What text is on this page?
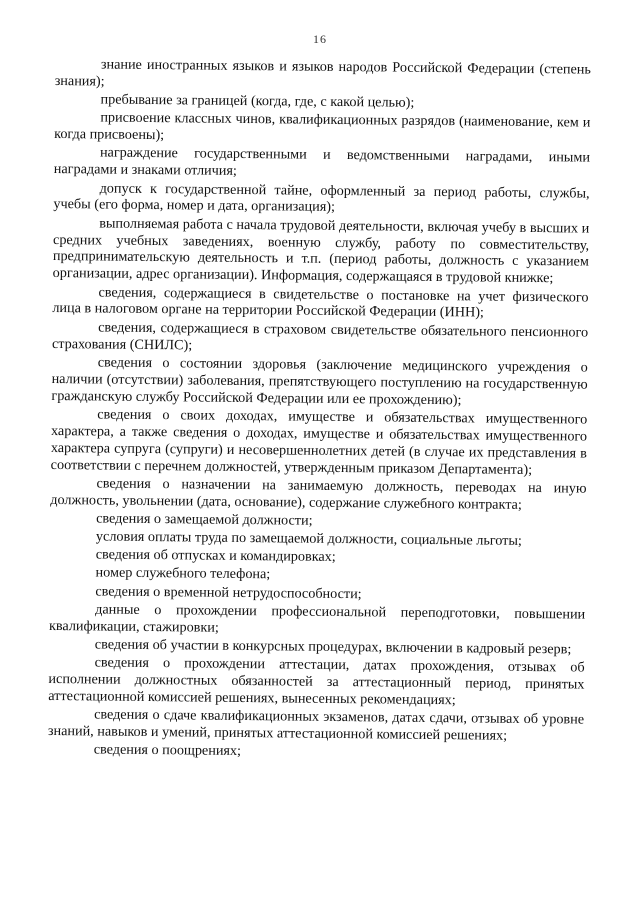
16

знание иностранных языков и языков народов Российской Федерации (степень знания);

пребывание за границей (когда, где, с какой целью);

присвоение классных чинов, квалификационных разрядов (наименование, кем и когда присвоены);

награждение государственными и ведомственными наградами, иными наградами и знаками отличия;

допуск к государственной тайне, оформленный за период работы, службы, учебы (его форма, номер и дата, организация);

выполняемая работа с начала трудовой деятельности, включая учебу в высших и средних учебных заведениях, военную службу, работу по совместительству, предпринимательскую деятельность и т.п. (период работы, должность с указанием организации, адрес организации). Информация, содержащаяся в трудовой книжке;

сведения, содержащиеся в свидетельстве о постановке на учет физического лица в налоговом органе на территории Российской Федерации (ИНН);

сведения, содержащиеся в страховом свидетельстве обязательного пенсионного страхования (СНИЛС);

сведения о состоянии здоровья (заключение медицинского учреждения о наличии (отсутствии) заболевания, препятствующего поступлению на государственную гражданскую службу Российской Федерации или ее прохождению);

сведения о своих доходах, имуществе и обязательствах имущественного характера, а также сведения о доходах, имуществе и обязательствах имущественного характера супруга (супруги) и несовершеннолетних детей (в случае их представления в соответствии с перечнем должностей, утвержденным приказом Департамента);

сведения о назначении на занимаемую должность, переводах на иную должность, увольнении (дата, основание), содержание служебного контракта;

сведения о замещаемой должности;

условия оплаты труда по замещаемой должности, социальные льготы;

сведения об отпусках и командировках;

номер служебного телефона;

сведения о временной нетрудоспособности;

данные о прохождении профессиональной переподготовки, повышении квалификации, стажировки;

сведения об участии в конкурсных процедурах, включении в кадровый резерв;

сведения о прохождении аттестации, датах прохождения, отзывах об исполнении должностных обязанностей за аттестационный период, принятых аттестационной комиссией решениях, вынесенных рекомендациях;

сведения о сдаче квалификационных экзаменов, датах сдачи, отзывах об уровне знаний, навыков и умений, принятых аттестационной комиссией решениях;

сведения о поощрениях;
